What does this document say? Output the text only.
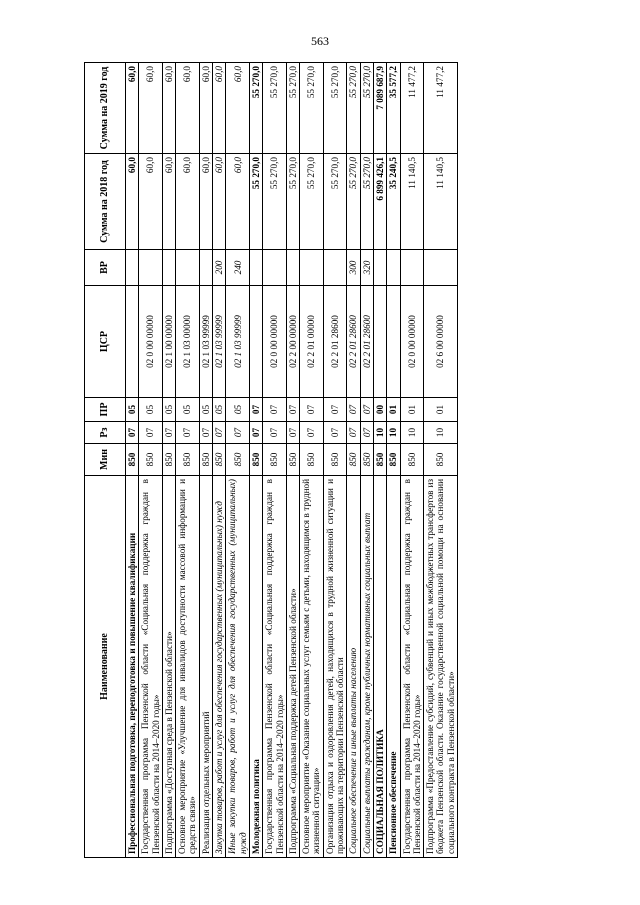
563
Наименование	Мин	Рз	ПР	ЦСР	ВР	Сумма на 2018 год	Сумма на 2019 год
Профессиональная подготовка, переподготовка и повышение квалификации	850	07	05			60,0	60,0
Государственная программа Пензенской области «Социальная поддержка граждан в Пензенской области на 2014–2020 годы»	850	07	05	02 0 00 00000		60,0	60,0
Подпрограмма «Доступная среда в Пензенской области»	850	07	05	02 1 00 00000		60,0	60,0
Основное мероприятие «Улучшение для инвалидов доступности массовой информации и средств связи»	850	07	05	02 1 03 00000		60,0	60,0
Реализация отдельных мероприятий	850	07	05	02 1 03 99999		60,0	60,0
Закупка товаров, работ и услуг для обеспечения государственных (муниципальных) нужд	850	07	05	02 1 03 99999	200	60,0	60,0
Иные закупки товаров, работ и услуг для обеспечения государственных (муниципальных) нужд	850	07	05	02 1 03 99999	240	60,0	60,0
Молодежная политика	850	07	07			55 270,0	55 270,0
Государственная программа Пензенской области «Социальная поддержка граждан в Пензенской области на 2014–2020 годы»	850	07	07	02 0 00 00000		55 270,0	55 270,0
Подпрограмма «Социальная поддержка детей Пензенской области»	850	07	07	02 2 00 00000		55 270,0	55 270,0
Основное мероприятие «Оказание социальных услуг семьям с детьми, находящимся в трудной жизненной ситуации»	850	07	07	02 2 01 00000		55 270,0	55 270,0
Организация отдыха и оздоровления детей, находящихся в трудной жизненной ситуации и проживающих на территории Пензенской области	850	07	07	02 2 01 28600		55 270,0	55 270,0
Социальное обеспечение и иные выплаты населению	850	07	07	02 2 01 28600	300	55 270,0	55 270,0
Социальные выплаты гражданам, кроме публичных нормативных социальных выплат	850	07	07	02 2 01 28600	320	55 270,0	55 270,0
СОЦИАЛЬНАЯ ПОЛИТИКА	850	10	00			6 899 426,1	7 089 687,9
Пенсионное обеспечение	850	10	01			35 240,5	35 577,2
Государственная программа Пензенской области «Социальная поддержка граждан в Пензенской области на 2014–2020 годы»	850	10	01	02 0 00 00000		11 140,5	11 477,2
Подпрограмма «Предоставление субсидий, субвенций и иных межбюджетных трансфертов из бюджета Пензенской области. Оказание государственной социальной помощи на основании социального контракта в Пензенской области»	850	10	01	02 6 00 00000		11 140,5	11 477,2
